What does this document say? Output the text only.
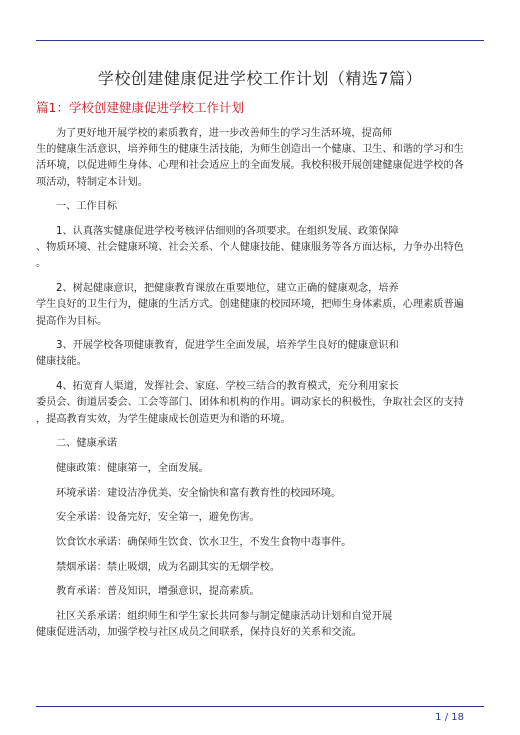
学校创建健康促进学校工作计划（精选7篇）
篇1：学校创建健康促进学校工作计划
为了更好地开展学校的素质教育，进一步改善师生的学习生活环境，提高师
生的健康生活意识，培养师生的健康生活技能，为师生创造出一个健康、卫生、和谐的学习和生
活环境，以促进师生身体、心理和社会适应上的全面发展。我校积极开展创建健康促进学校的各
项活动，特制定本计划。
一、工作目标
1、认真落实健康促进学校考核评估细则的各项要求。在组织发展、政策保障
、物质环境、社会健康环境、社会关系、个人健康技能、健康服务等各方面达标，力争办出特色
。
2、树起健康意识，把健康教育课放在重要地位，建立正确的健康观念，培养
学生良好的卫生行为，健康的生活方式。创建健康的校园环境，把师生身体素质，心理素质普遍
提高作为目标。
3、开展学校各项健康教育，促进学生全面发展，培养学生良好的健康意识和
健康技能。
4、拓宽育人渠道，发挥社会、家庭、学校三结合的教育模式，充分利用家长
委员会、街道居委会、工会等部门、团体和机构的作用。调动家长的积极性，争取社会区的支持
，提高教育实效，为学生健康成长创造更为和谐的环境。
二、健康承诺
健康政策：健康第一，全面发展。
环境承诺：建设洁净优美、安全愉快和富有教育性的校园环境。
安全承诺：设备完好，安全第一，避免伤害。
饮食饮水承诺：确保师生饮食、饮水卫生，不发生食物中毒事件。
禁烟承诺：禁止吸烟，成为名副其实的无烟学校。
教育承诺：普及知识，增强意识，提高素质。
社区关系承诺：组织师生和学生家长共同参与制定健康活动计划和自觉开展
健康促进活动，加强学校与社区成员之间联系，保持良好的关系和交流。
1 / 18
